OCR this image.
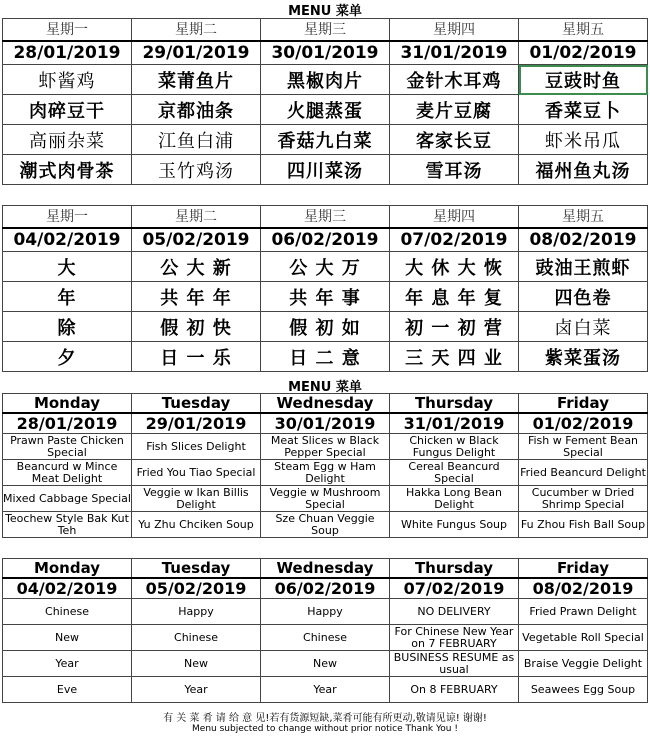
MENU 菜单
星期一	星期二	星期三	星期四	星期五
28/01/2019	29/01/2019	30/01/2019	31/01/2019	01/02/2019
虾酱鸡	菜莆鱼片	黑椒肉片	金针木耳鸡	豆豉时鱼
肉碎豆干	京都油条	火腿蒸蛋	麦片豆腐	香菜豆卜
高丽杂菜	江鱼白浦	香菇九白菜	客家长豆	虾米吊瓜
潮式肉骨茶	玉竹鸡汤	四川菜汤	雪耳汤	福州鱼丸汤
星期一	星期二	星期三	星期四	星期五
04/02/2019	05/02/2019	06/02/2019	07/02/2019	08/02/2019
大	公 大 新	公 大 万	大 休 大 恢	豉油王煎虾
年	共 年 年	共 年 事	年 息 年 复	四色卷
除	假 初 快	假 初 如	初 一 初 营	卤白菜
夕	日 一 乐	日 二 意	三 天 四 业	紫菜蛋汤
MENU 菜单
Monday	Tuesday	Wednesday	Thursday	Friday
28/01/2019	29/01/2019	30/01/2019	31/01/2019	01/02/2019
Prawn Paste Chicken Special	Fish Slices Delight	Meat Slices w Black Pepper Special	Chicken w Black Fungus Delight	Fish w Fement Bean Special
Beancurd w Mince Meat Delight	Fried You Tiao Special	Steam Egg w Ham Delight	Cereal Beancurd Special	Fried Beancurd Delight
Mixed Cabbage Special	Veggie w Ikan Billis Delight	Veggie w Mushroom Special	Hakka Long Bean Delight	Cucumber w Dried Shrimp Special
Teochew Style Bak Kut Teh	Yu Zhu Chciken Soup	Sze Chuan Veggie Soup	White Fungus Soup	Fu Zhou Fish Ball Soup
Monday	Tuesday	Wednesday	Thursday	Friday
04/02/2019	05/02/2019	06/02/2019	07/02/2019	08/02/2019
Chinese	Happy	Happy	NO DELIVERY	Fried Prawn Delight
New	Chinese	Chinese	For Chinese New Year on 7 FEBRUARY	Vegetable Roll Special
Year	New	New	BUSINESS RESUME as usual	Braise Veggie Delight
Eve	Year	Year	On 8 FEBRUARY	Seawees Egg Soup
有 关 菜 肴 请 给 意 见!若有货源短缺,菜肴可能有所更动,敬请见谅! 谢谢!
Menu subjected to change without prior notice Thank You !
